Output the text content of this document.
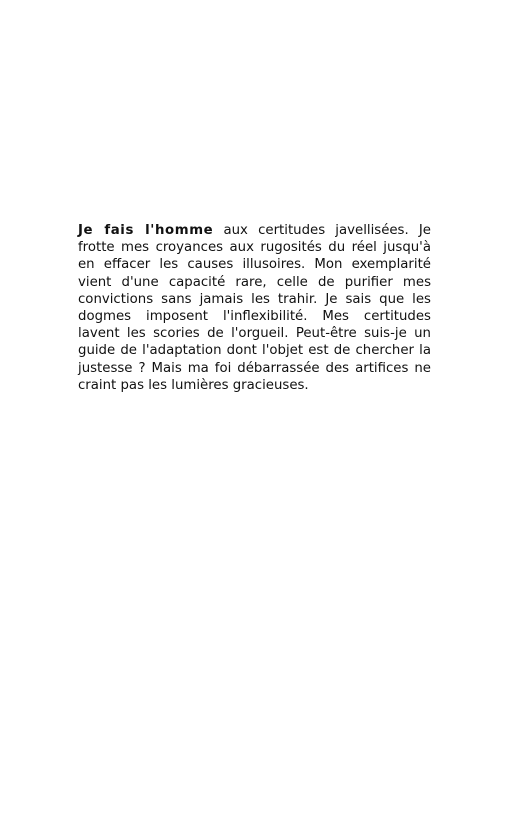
Je fais l'homme aux certitudes javellisées. Je frotte mes croyances aux rugosités du réel jusqu'à en effacer les causes illusoires. Mon exemplarité vient d'une capacité rare, celle de purifier mes convictions sans jamais les trahir. Je sais que les dogmes imposent l'inflexibilité. Mes certitudes lavent les scories de l'orgueil. Peut-être suis-je un guide de l'adaptation dont l'objet est de chercher la justesse ? Mais ma foi débarrassée des artifices ne craint pas les lumières gracieuses.
